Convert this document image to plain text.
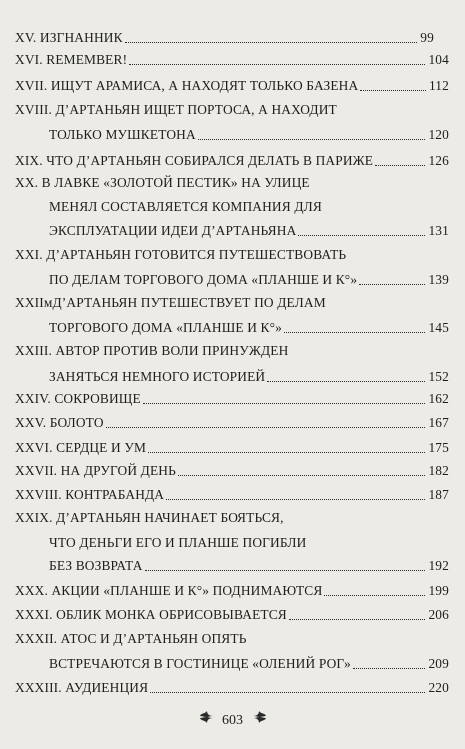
XV. ИЗГНАННИК	99
XVI. REMEMBER!	104
XVII. ИЩУТ АРАМИСА, А НАХОДЯТ ТОЛЬКО БАЗЕНА	112
XVIII. Д’АРТАНЬЯН ИЩЕТ ПОРТОСА, А НАХОДИТ
ТОЛЬКО МУШКЕТОНА	120
XIX. ЧТО Д’АРТАНЬЯН СОБИРАЛСЯ ДЕЛАТЬ В ПАРИЖЕ	126
XX. В ЛАВКЕ «ЗОЛОТОЙ ПЕСТИК» НА УЛИЦЕ
МЕНЯЛ СОСТАВЛЯЕТСЯ КОМПАНИЯ ДЛЯ
ЭКСПЛУАТАЦИИ ИДЕИ Д’АРТАНЬЯНА	131
XXI. Д’АРТАНЬЯН ГОТОВИТСЯ ПУТЕШЕСТВОВАТЬ
ПО ДЕЛАМ ТОРГОВОГО ДОМА «ПЛАНШЕ И К°»	139
XXIIмД’АРТАНЬЯН ПУТЕШЕСТВУЕТ ПО ДЕЛАМ
ТОРГОВОГО ДОМА «ПЛАНШЕ И К°»	145
XXIII. АВТОР ПРОТИВ ВОЛИ ПРИНУЖДЕН
ЗАНЯТЬСЯ НЕМНОГО ИСТОРИЕЙ	152
XXIV. СОКРОВИЩЕ	162
XXV. БОЛОТО	167
XXVI. СЕРДЦЕ И УМ	175
XXVII. НА ДРУГОЙ ДЕНЬ	182
XXVIII. КОНТРАБАНДА	187
XXIX. Д’АРТАНЬЯН НАЧИНАЕТ БОЯТЬСЯ,
ЧТО ДЕНЬГИ ЕГО И ПЛАНШЕ ПОГИБЛИ
БЕЗ ВОЗВРАТА	192
XXX. АКЦИИ «ПЛАНШЕ И К°» ПОДНИМАЮТСЯ	199
XXXI. ОБЛИК МОНКА ОБРИСОВЫВАЕТСЯ	206
XXXII. АТОС И Д’АРТАНЬЯН ОПЯТЬ
ВСТРЕЧАЮТСЯ В ГОСТИНИЦЕ «ОЛЕНИЙ РОГ»	209
XXXIII. АУДИЕНЦИЯ	220
603
